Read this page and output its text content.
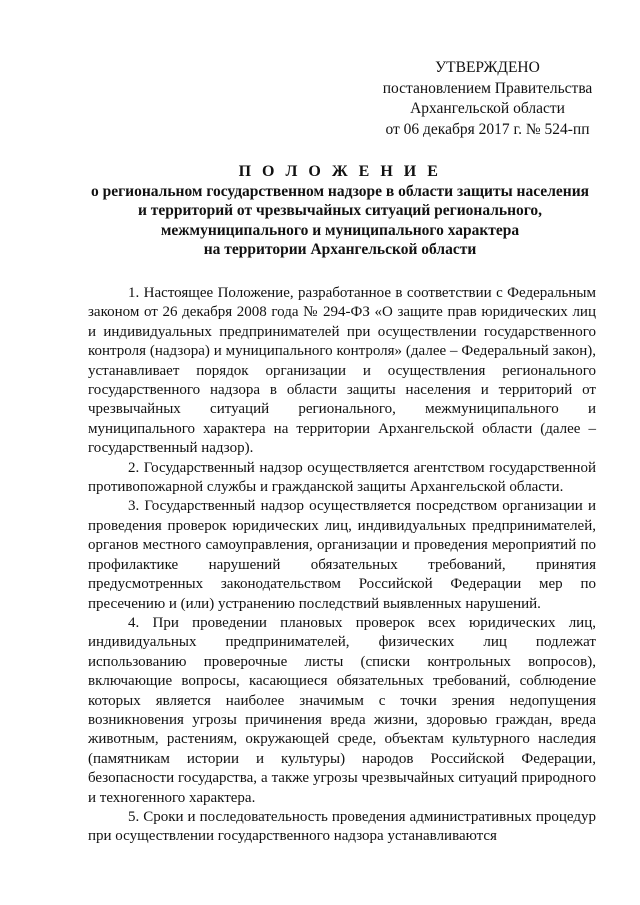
УТВЕРЖДЕНО
постановлением Правительства
Архангельской области
от 06 декабря 2017 г. № 524-пп
П О Л О Ж Е Н И Е
о региональном государственном надзоре в области защиты населения
и территорий от чрезвычайных ситуаций регионального,
межмуниципального и муниципального характера
на территории Архангельской области

1. Настоящее Положение, разработанное в соответствии с Федеральным законом от 26 декабря 2008 года № 294-ФЗ «О защите прав юридических лиц и индивидуальных предпринимателей при осуществлении государственного контроля (надзора) и муниципального контроля» (далее – Федеральный закон), устанавливает порядок организации и осуществления регионального государственного надзора в области защиты населения и территорий от чрезвычайных ситуаций регионального, межмуниципального и муниципального характера на территории Архангельской области (далее – государственный надзор).

2. Государственный надзор осуществляется агентством государственной противопожарной службы и гражданской защиты Архангельской области.

3. Государственный надзор осуществляется посредством организации и проведения проверок юридических лиц, индивидуальных предпринимателей, органов местного самоуправления, организации и проведения мероприятий по профилактике нарушений обязательных требований, принятия предусмотренных законодательством Российской Федерации мер по пресечению и (или) устранению последствий выявленных нарушений.

4. При проведении плановых проверок всех юридических лиц, индивидуальных предпринимателей, физических лиц подлежат использованию проверочные листы (списки контрольных вопросов), включающие вопросы, касающиеся обязательных требований, соблюдение которых является наиболее значимым с точки зрения недопущения возникновения угрозы причинения вреда жизни, здоровью граждан, вреда животным, растениям, окружающей среде, объектам культурного наследия (памятникам истории и культуры) народов Российской Федерации, безопасности государства, а также угрозы чрезвычайных ситуаций природного и техногенного характера.

5. Сроки и последовательность проведения административных процедур при осуществлении государственного надзора устанавливаются
